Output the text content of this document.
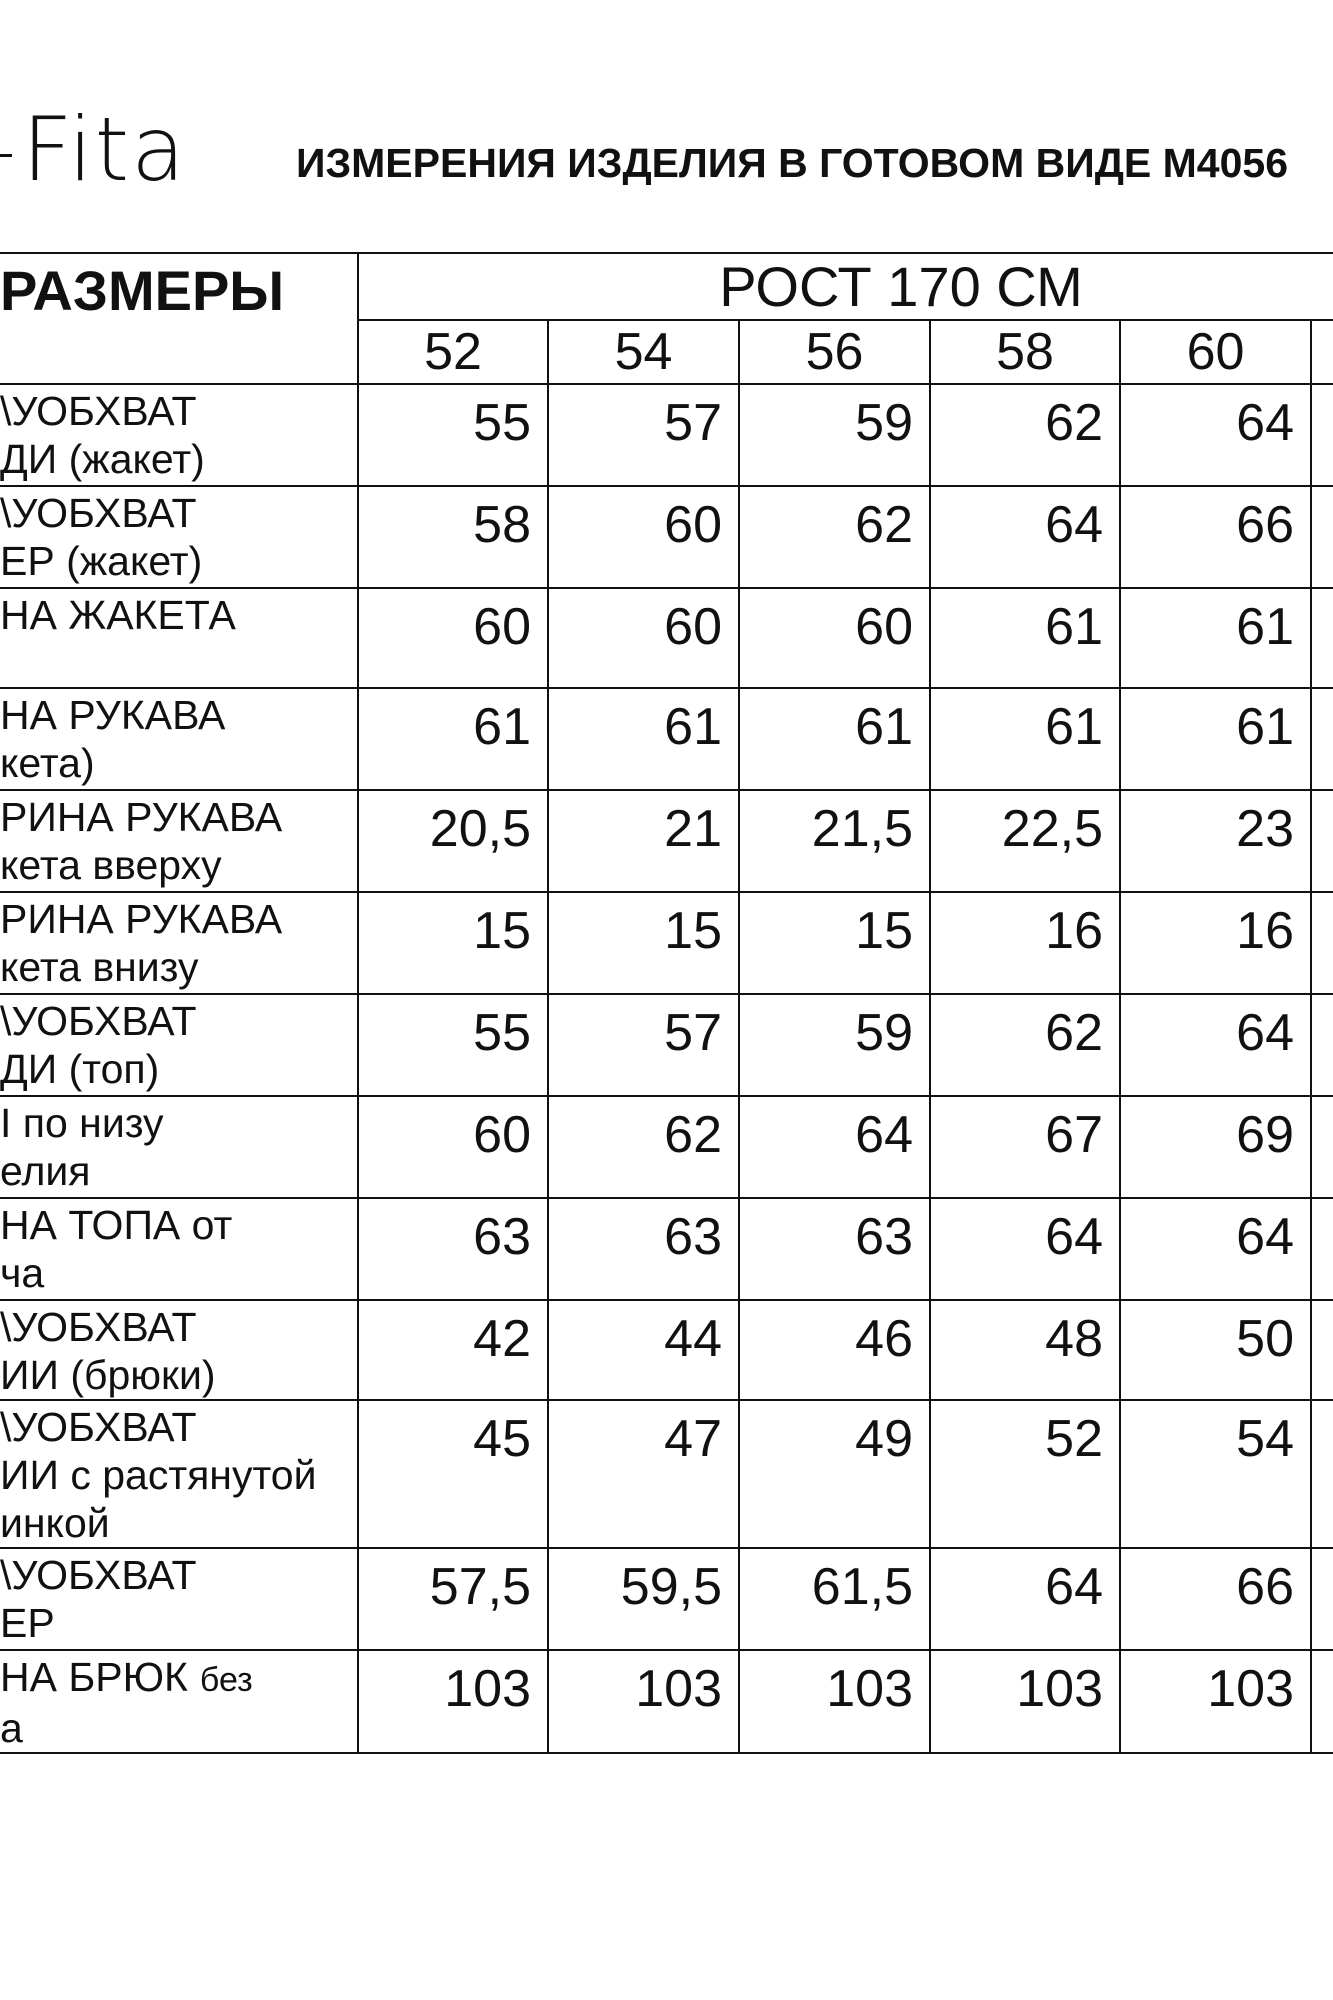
Fita	ИЗМЕРЕНИЯ ИЗДЕЛИЯ В ГОТОВОМ ВИДЕ М4056
РАЗМЕРЫ	РОСТ 170 СМ					
	52	54	56	58	60	

\УОБХВАТ
ДИ (жакет)	55	57	59	62	64	

\УОБХВАТ
ЕР (жакет)	58	60	62	64	66	

НА ЖАКЕТА	60	60	60	61	61	

НА РУКАВА
кета)	61	61	61	61	61	

РИНА РУКАВА
кета вверху	20,5	21	21,5	22,5	23	

РИНА РУКАВА
кета внизу	15	15	15	16	16	

\УОБХВАТ
ДИ (топ)	55	57	59	62	64	

I по низу
елия	60	62	64	67	69	

НА ТОПА от
ча	63	63	63	64	64	

\УОБХВАТ
ИИ (брюки)	42	44	46	48	50	

\УОБХВАТ
ИИ с растянутой
инкой	45	47	49	52	54	

\УОБХВАТ
ЕР	57,5	59,5	61,5	64	66	

НА БРЮК без
а	103	103	103	103	103	
